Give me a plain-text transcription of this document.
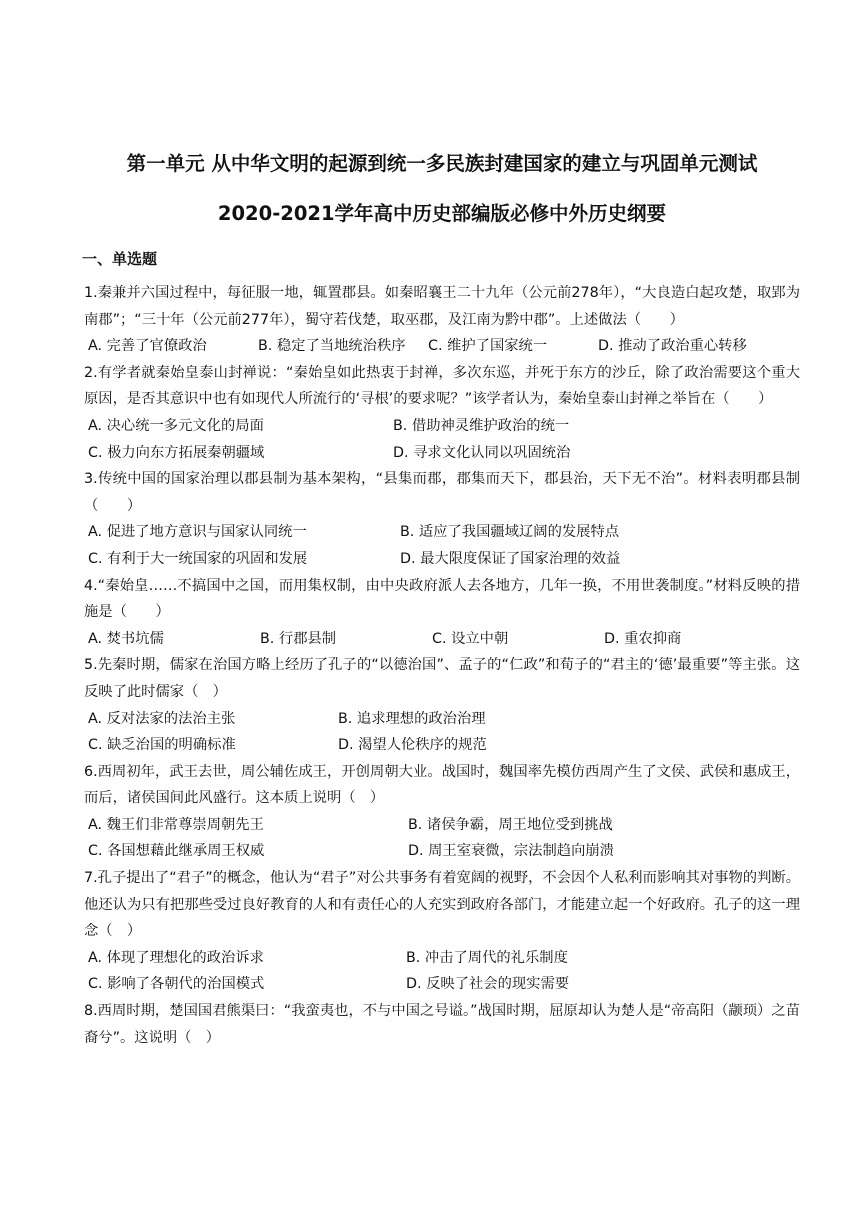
第一单元 从中华文明的起源到统一多民族封建国家的建立与巩固单元测试
2020-2021学年高中历史部编版必修中外历史纲要
一、单选题
1.秦兼并六国过程中，每征服一地，辄置郡县。如秦昭襄王二十九年（公元前278年），“大良造白起攻楚，取郢为南郡”；“三十年（公元前277年），蜀守若伐楚，取巫郡，及江南为黔中郡”。上述做法（　　）
A. 完善了官僚政治	B. 稳定了当地统治秩序	C. 维护了国家统一	D. 推动了政治重心转移
2.有学者就秦始皇泰山封禅说：“秦始皇如此热衷于封禅，多次东巡，并死于东方的沙丘，除了政治需要这个重大原因，是否其意识中也有如现代人所流行的‘寻根’的要求呢？”该学者认为，秦始皇泰山封禅之举旨在（　　）
A. 决心统一多元文化的局面	B. 借助神灵维护政治的统一
C. 极力向东方拓展秦朝疆域	D. 寻求文化认同以巩固统治
3.传统中国的国家治理以郡县制为基本架构，“县集而郡，郡集而天下，郡县治，天下无不治”。材料表明郡县制（　　）
A. 促进了地方意识与国家认同统一	B. 适应了我国疆域辽阔的发展特点
C. 有利于大一统国家的巩固和发展	D. 最大限度保证了国家治理的效益
4.“秦始皇……不搞国中之国，而用集权制，由中央政府派人去各地方，几年一换，不用世袭制度。”材料反映的措施是（　　）
A. 焚书坑儒	B. 行郡县制	C. 设立中朝	D. 重农抑商
5.先秦时期，儒家在治国方略上经历了孔子的“以德治国”、孟子的“仁政”和荀子的“君主的‘德’最重要”等主张。这反映了此时儒家（　）
A. 反对法家的法治主张	B. 追求理想的政治治理
C. 缺乏治国的明确标准	D. 渴望人伦秩序的规范
6.西周初年，武王去世，周公辅佐成王，开创周朝大业。战国时，魏国率先模仿西周产生了文侯、武侯和惠成王，而后，诸侯国间此风盛行。这本质上说明（　）
A. 魏王们非常尊崇周朝先王	B. 诸侯争霸，周王地位受到挑战
C. 各国想藉此继承周王权威	D. 周王室衰微，宗法制趋向崩溃
7.孔子提出了“君子”的概念，他认为“君子”对公共事务有着宽阔的视野，不会因个人私利而影响其对事物的判断。他还认为只有把那些受过良好教育的人和有责任心的人充实到政府各部门，才能建立起一个好政府。孔子的这一理念（　）
A. 体现了理想化的政治诉求	B. 冲击了周代的礼乐制度
C. 影响了各朝代的治国模式	D. 反映了社会的现实需要
8.西周时期，楚国国君熊渠曰：“我蛮夷也，不与中国之号谥。”战国时期，屈原却认为楚人是“帝高阳（颛顼）之苗裔兮”。这说明（　）
